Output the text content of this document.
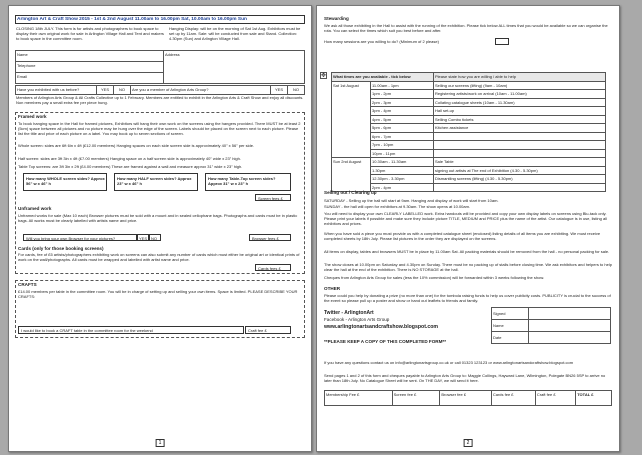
Arlington Art & Craft Show 2015 - 1st & 2nd August 11.00am to 16.00pm Sat, 10.00am to 16.00pm Sun

CLOSING 18th JULY. This form is for artists and photographers to book space to display their own original work for sale in Arlington Village Hall and Tent and makers to book space in the committee room.

Hanging Display: will be on the morning of Sat 1st Aug. Exhibitors must be set up by 11am. Sale: will be conducted from sale and Stand. Collection: 4.30pm (Sun) and Arlington Village Hall.

Name	Address
Telephone
Email
Have you exhibited with us before?	YES	NO	Are you a member of Arlington Arts Group?	YES	NO

Members of Arlington Arts Group & All Crafts Collective up to 1 February. Members are entitled to exhibit in the Arlington Arts & Craft Show and enjoy all discounts. Non members pay a small extra fee per piece hung.

Framed work

To book hanging space in the Hall for framed pictures, Exhibitors will hang their own work on the screens using the hangers provided. There MUST be at least 2 (5cm) space between all pictures and no picture may be hung over the edge of the screen. Labels should be placed on the screen next to each picture. Please list the title and price of each picture on a label. You may book up to seven sections of screen.

Whole screen: sides are 6ft 6in x 4ft (£12.00 members) Hanging spaces on each side screen side is approximately 40" x 56" per side.

Half screen: sides are 3ft 3in x 4ft (£7.00 members) Hanging space on a half screen side is approximately 40" wide x 23" high.

Table Top screens: are 3ft 3in x 2ft (£4.00 members) These are framed against a wall and measure approx 31" wide x 23" high.

How many WHOLE screen sides? Approx 56" w x 46" h

How many HALF screen sides? Approx 23" w x 46" h

How many Table-Top screen sides? Approx 31" w x 23" h

Screen fees £

Unframed work

Unframed works for sale (Max 10 each) Browser pictures must be sold with a mount and in sealed cellophane bags. Photographs and cards must be in plastic bags. All works must be clearly labelled with artists name and price.

Will you bring your own Browser for your pictures?	YES NO	Browser fees £

Cards (only for those booking screens)

For cards, fee of £5 artists/photographers exhibiting work on screens can also submit any number of cards which must either be original art or identical prints of work on the wall/photographs. All cards must be wrapped and labelled with artist name and price.

Cards fees £

CRAFTS

£14.00 members per table in the committee room. You will be in charge of setting up and selling your own items. Space is limited. PLEASE DESCRIBE YOUR CRAFTS:

I would like to book a CRAFT table in the committee room for the weekend	Craft fee £

1
✥

Stewarding

We ask all those exhibiting in the Hall to assist with the running of the exhibition. Please tick below ALL times that you would be available so we can organise the rota. You can select the times which suit you best before and after.

How many sessions are you willing to do? (Minimum of 2 please)

What times are you available - tick below		Please state how you are willing / able to help
Sat 1st August	11.00am - 1pm	Selling our screens (lifting) (9am - 10am)
	1pm - 2pm	Registering artists/work on arrival (10am - 11.00am)
	2pm - 3pm	Collating catalogue sheets (10am - 11.30am)
	3pm - 4pm	Hall set-up
	4pm - 5pm	Selling Combo tickets
	5pm - 6pm	Kitchen assistance
	6pm - 7pm	
	7pm - 10pm	
	10pm - 11pm	
Sun 2nd August	10.30am - 11.30am	Sale Table
	1.30pm	signing out artists at The end of Exhibition (4.30 - 5.30pm)
	12.30pm - 3.30pm	Dismantling screens (lifting) (4.30 - 5.30pm)
	2pm - 4pm	

Selling out / Clearing up

SATURDAY - Selling up the hall will start at 9am. Hanging and display of work will start from 10am.

SUNDAY - the hall will open for exhibitors at 9.30am. The show opens at 10.00am.

You will need to display your own CLEARLY LABELLED work. Extra handouts will be provided and copy your own display labels on screens using Blu-tack only. Please print your labels if possible and make sure they include picture TITLE, MEDIUM and PRICE plus the name of the artist. Our catalogue is in use, listing all exhibitors and prices.

When you have sold a piece you must provide us with a completed catalogue sheet (enclosed) listing details of all items you are exhibiting. We must receive completed sheets by 18th July. Please list pictures in the order they are displayed on the screens.

All items on display, tables and browsers MUST be in place by 11.00am Sat. All packing materials should be removed from the hall - no personal packing for sale.

The show closes at 10.00pm on Saturday and 4.30pm on Sunday. There must be no packing up of stalls before closing time. We ask exhibitors and helpers to help clear the hall at the end of the exhibition. There is NO STORAGE at the hall.

Cheques from Arlington Arts Group for sales (less the 10% commission) will be forwarded within 3 weeks following the show.

OTHER

Please could you help by donating a prize (no more than one) for the tombola raising funds to help us cover publicity costs. PUBLICITY is crucial to the success of the event so please pull up a poster and show or hand out leaflets to friends and family.

Twitter - ArlingtonArt

Facebook - Arlington Arts Group

www.arlingtonartsandcraftshow.blogspot.com

**PLEASE KEEP A COPY OF THIS COMPLETED FORM**

Signed	
Name	
Date	

If you have any questions contact us on info@arlingtonartsgroup.co.uk or call 01323 123123 or www.arlingtonartsandcraftshow.blogspot.com

Send pages 1 and 2 of this form and cheques payable to Arlington Arts Group to: Maggie Collings, Hayward Lane, Wilmington, Polegate BN26 5SP to arrive no later than 18th July. No Catalogue Sheet will be sent. On THE DAY, we will send it here.

Membership Fee £	Screen fee £	Browser fee £	Cards fee £	Craft fee £	TOTAL £
2
